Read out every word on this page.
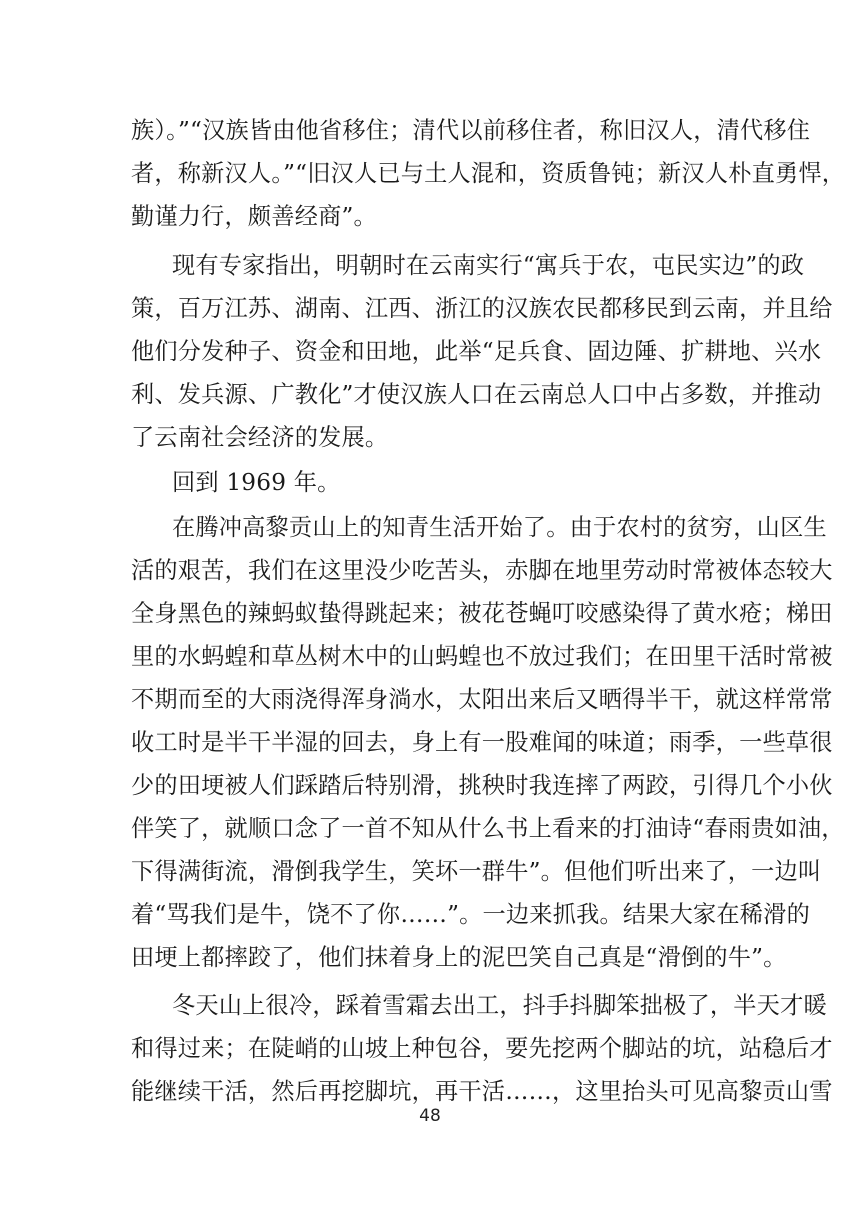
族）。”“汉族皆由他省移住；清代以前移住者，称旧汉人，清代移住
者，称新汉人。”“旧汉人已与土人混和，资质鲁钝；新汉人朴直勇悍，
勤谨力行，颇善经商”。
现有专家指出，明朝时在云南实行“寓兵于农，屯民实边”的政
策，百万江苏、湖南、江西、浙江的汉族农民都移民到云南，并且给
他们分发种子、资金和田地，此举“足兵食、固边陲、扩耕地、兴水
利、发兵源、广教化”才使汉族人口在云南总人口中占多数，并推动
了云南社会经济的发展。
回到 1969 年。
在腾冲高黎贡山上的知青生活开始了。由于农村的贫穷，山区生
活的艰苦，我们在这里没少吃苦头，赤脚在地里劳动时常被体态较大
全身黑色的辣蚂蚁蛰得跳起来；被花苍蝇叮咬感染得了黄水疮；梯田
里的水蚂蝗和草丛树木中的山蚂蝗也不放过我们；在田里干活时常被
不期而至的大雨浇得浑身淌水，太阳出来后又晒得半干，就这样常常
收工时是半干半湿的回去，身上有一股难闻的味道；雨季，一些草很
少的田埂被人们踩踏后特别滑，挑秧时我连摔了两跤，引得几个小伙
伴笑了，就顺口念了一首不知从什么书上看来的打油诗“春雨贵如油，
下得满街流，滑倒我学生，笑坏一群牛”。但他们听出来了，一边叫
着“骂我们是牛，饶不了你……”。一边来抓我。结果大家在稀滑的
田埂上都摔跤了，他们抹着身上的泥巴笑自己真是“滑倒的牛”。
冬天山上很冷，踩着雪霜去出工，抖手抖脚笨拙极了，半天才暖
和得过来；在陡峭的山坡上种包谷，要先挖两个脚站的坑，站稳后才
能继续干活，然后再挖脚坑，再干活……，这里抬头可见高黎贡山雪
48
